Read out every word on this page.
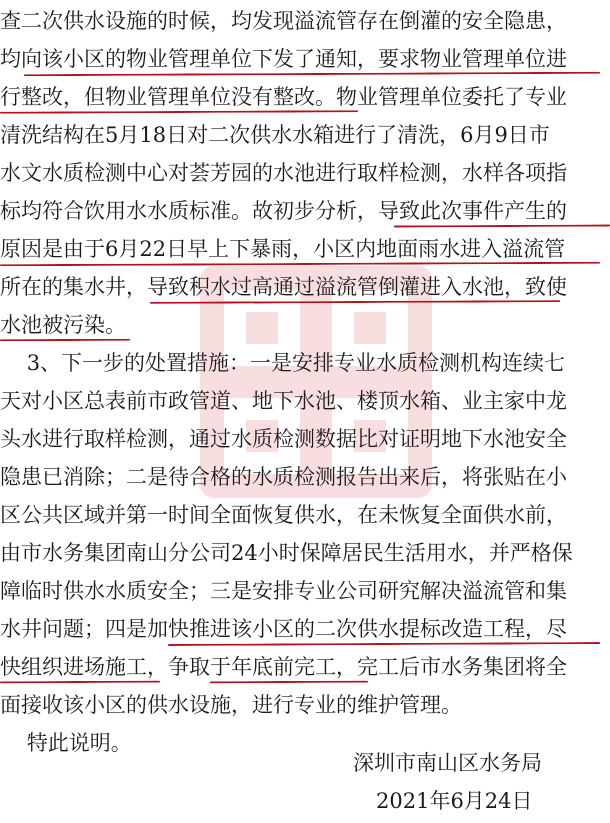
查二次供水设施的时候，均发现溢流管存在倒灌的安全隐患，
均向该小区的物业管理单位下发了通知，要求物业管理单位进
行整改，但物业管理单位没有整改。物业管理单位委托了专业
清洗结构在5月18日对二次供水水箱进行了清洗，6月9日市
水文水质检测中心对荟芳园的水池进行取样检测，水样各项指
标均符合饮用水水质标准。故初步分析，导致此次事件产生的
原因是由于6月22日早上下暴雨，小区内地面雨水进入溢流管
所在的集水井，导致积水过高通过溢流管倒灌进入水池，致使
水池被污染。
3、下一步的处置措施：一是安排专业水质检测机构连续七
天对小区总表前市政管道、地下水池、楼顶水箱、业主家中龙
头水进行取样检测，通过水质检测数据比对证明地下水池安全
隐患已消除；二是待合格的水质检测报告出来后，将张贴在小
区公共区域并第一时间全面恢复供水，在未恢复全面供水前，
由市水务集团南山分公司24小时保障居民生活用水，并严格保
障临时供水水质安全；三是安排专业公司研究解决溢流管和集
水井问题；四是加快推进该小区的二次供水提标改造工程，尽
快组织进场施工，争取于年底前完工，完工后市水务集团将全
面接收该小区的供水设施，进行专业的维护管理。
特此说明。
深圳市南山区水务局
2021年6月24日
